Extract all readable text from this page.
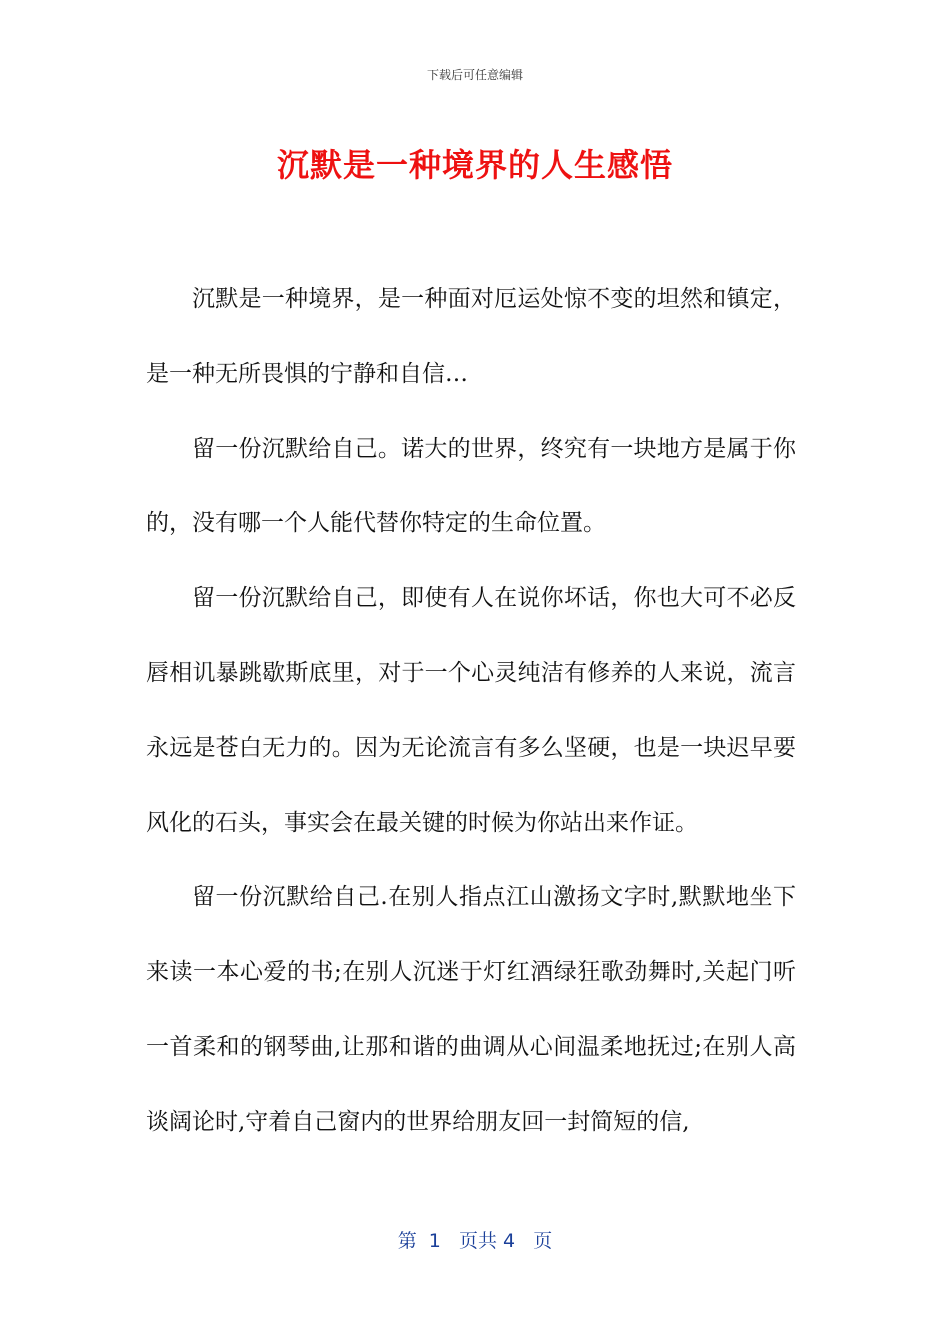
下载后可任意编辑
沉默是一种境界的人生感悟

沉默是一种境界，是一种面对厄运处惊不变的坦然和镇定，是一种无所畏惧的宁静和自信…

留一份沉默给自己。诺大的世界，终究有一块地方是属于你的，没有哪一个人能代替你特定的生命位置。

留一份沉默给自己，即使有人在说你坏话，你也大可不必反唇相讥暴跳歇斯底里，对于一个心灵纯洁有修养的人来说，流言永远是苍白无力的。因为无论流言有多么坚硬，也是一块迟早要风化的石头，事实会在最关键的时候为你站出来作证。

留一份沉默给自己.在别人指点江山激扬文字时,默默地坐下来读一本心爱的书;在别人沉迷于灯红酒绿狂歌劲舞时,关起门听一首柔和的钢琴曲,让那和谐的曲调从心间温柔地抚过;在别人高谈阔论时,守着自己窗内的世界给朋友回一封简短的信,

第  1   页共 4   页
